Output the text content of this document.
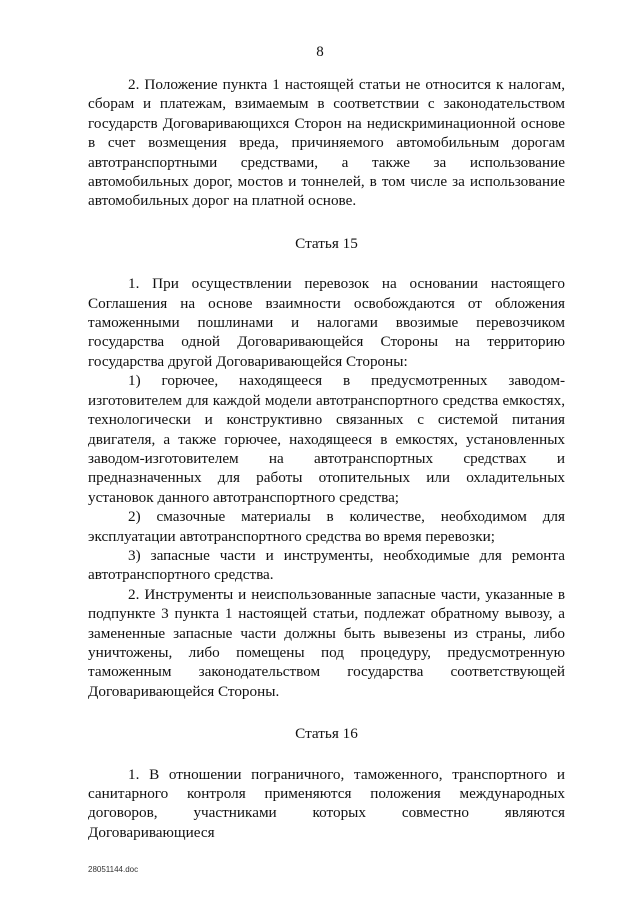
8

2. Положение пункта 1 настоящей статьи не относится к налогам, сборам и платежам, взимаемым в соответствии с законодательством государств Договаривающихся Сторон на недискриминационной основе в счет возмещения вреда, причиняемого автомобильным дорогам автотранспортными средствами, а также за использование автомобильных дорог, мостов и тоннелей, в том числе за использование автомобильных дорог на платной основе.

Статья 15

1. При осуществлении перевозок на основании настоящего Соглашения на основе взаимности освобождаются от обложения таможенными пошлинами и налогами ввозимые перевозчиком государства одной Договаривающейся Стороны на территорию государства другой Договаривающейся Стороны:

1) горючее, находящееся в предусмотренных заводом-изготовителем для каждой модели автотранспортного средства емкостях, технологически и конструктивно связанных с системой питания двигателя, а также горючее, находящееся в емкостях, установленных заводом-изготовителем на автотранспортных средствах и предназначенных для работы отопительных или охладительных установок данного автотранспортного средства;

2) смазочные материалы в количестве, необходимом для эксплуатации автотранспортного средства во время перевозки;

3) запасные части и инструменты, необходимые для ремонта автотранспортного средства.

2. Инструменты и неиспользованные запасные части, указанные в подпункте 3 пункта 1 настоящей статьи, подлежат обратному вывозу, а замененные запасные части должны быть вывезены из страны, либо уничтожены, либо помещены под процедуру, предусмотренную таможенным законодательством государства соответствующей Договаривающейся Стороны.

Статья 16

1. В отношении пограничного, таможенного, транспортного и санитарного контроля применяются положения международных договоров, участниками которых совместно являются Договаривающиеся

28051144.doc
